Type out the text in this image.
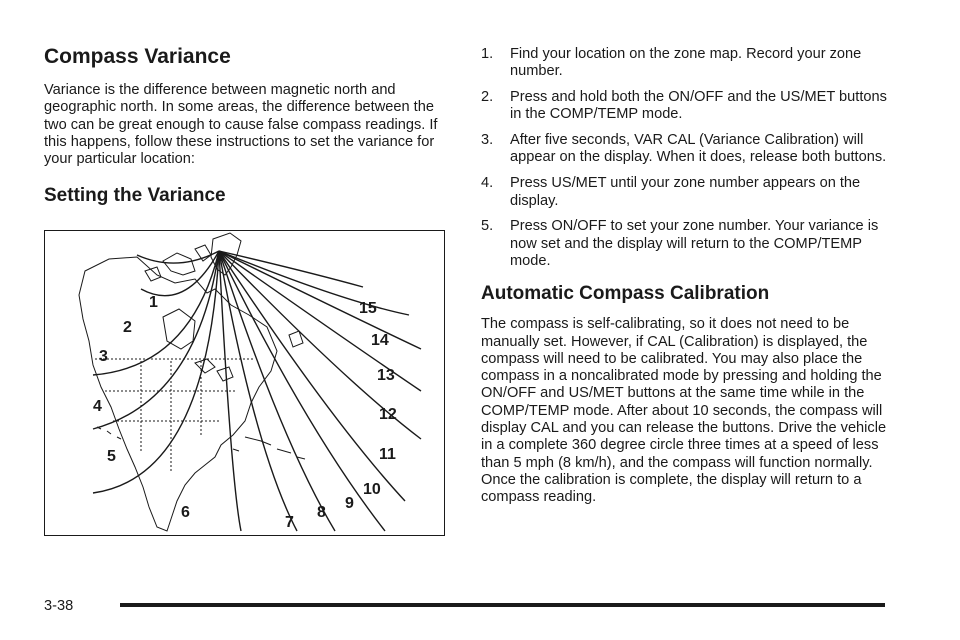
Compass Variance

Variance is the difference between magnetic north and geographic north. In some areas, the difference between the two can be great enough to cause false compass readings. If this happens, follow these instructions to set the variance for your particular location:

Setting the Variance
1
2
3
4
5
6
7
8
9
10
11
12
13
14
15
1. Find your location on the zone map. Record your zone number.
2. Press and hold both the ON/OFF and the US/MET buttons in the COMP/TEMP mode.
3. After five seconds, VAR CAL (Variance Calibration) will appear on the display. When it does, release both buttons.
4. Press US/MET until your zone number appears on the display.
5. Press ON/OFF to set your zone number. Your variance is now set and the display will return to the COMP/TEMP mode.
Automatic Compass Calibration

The compass is self-calibrating, so it does not need to be manually set. However, if CAL (Calibration) is displayed, the compass will need to be calibrated. You may also place the compass in a noncalibrated mode by pressing and holding the ON/OFF and US/MET buttons at the same time while in the COMP/TEMP mode. After about 10 seconds, the compass will display CAL and you can release the buttons. Drive the vehicle in a complete 360 degree circle three times at a speed of less than 5 mph (8 km/h), and the compass will function normally. Once the calibration is complete, the display will return to a compass reading.

3-38
